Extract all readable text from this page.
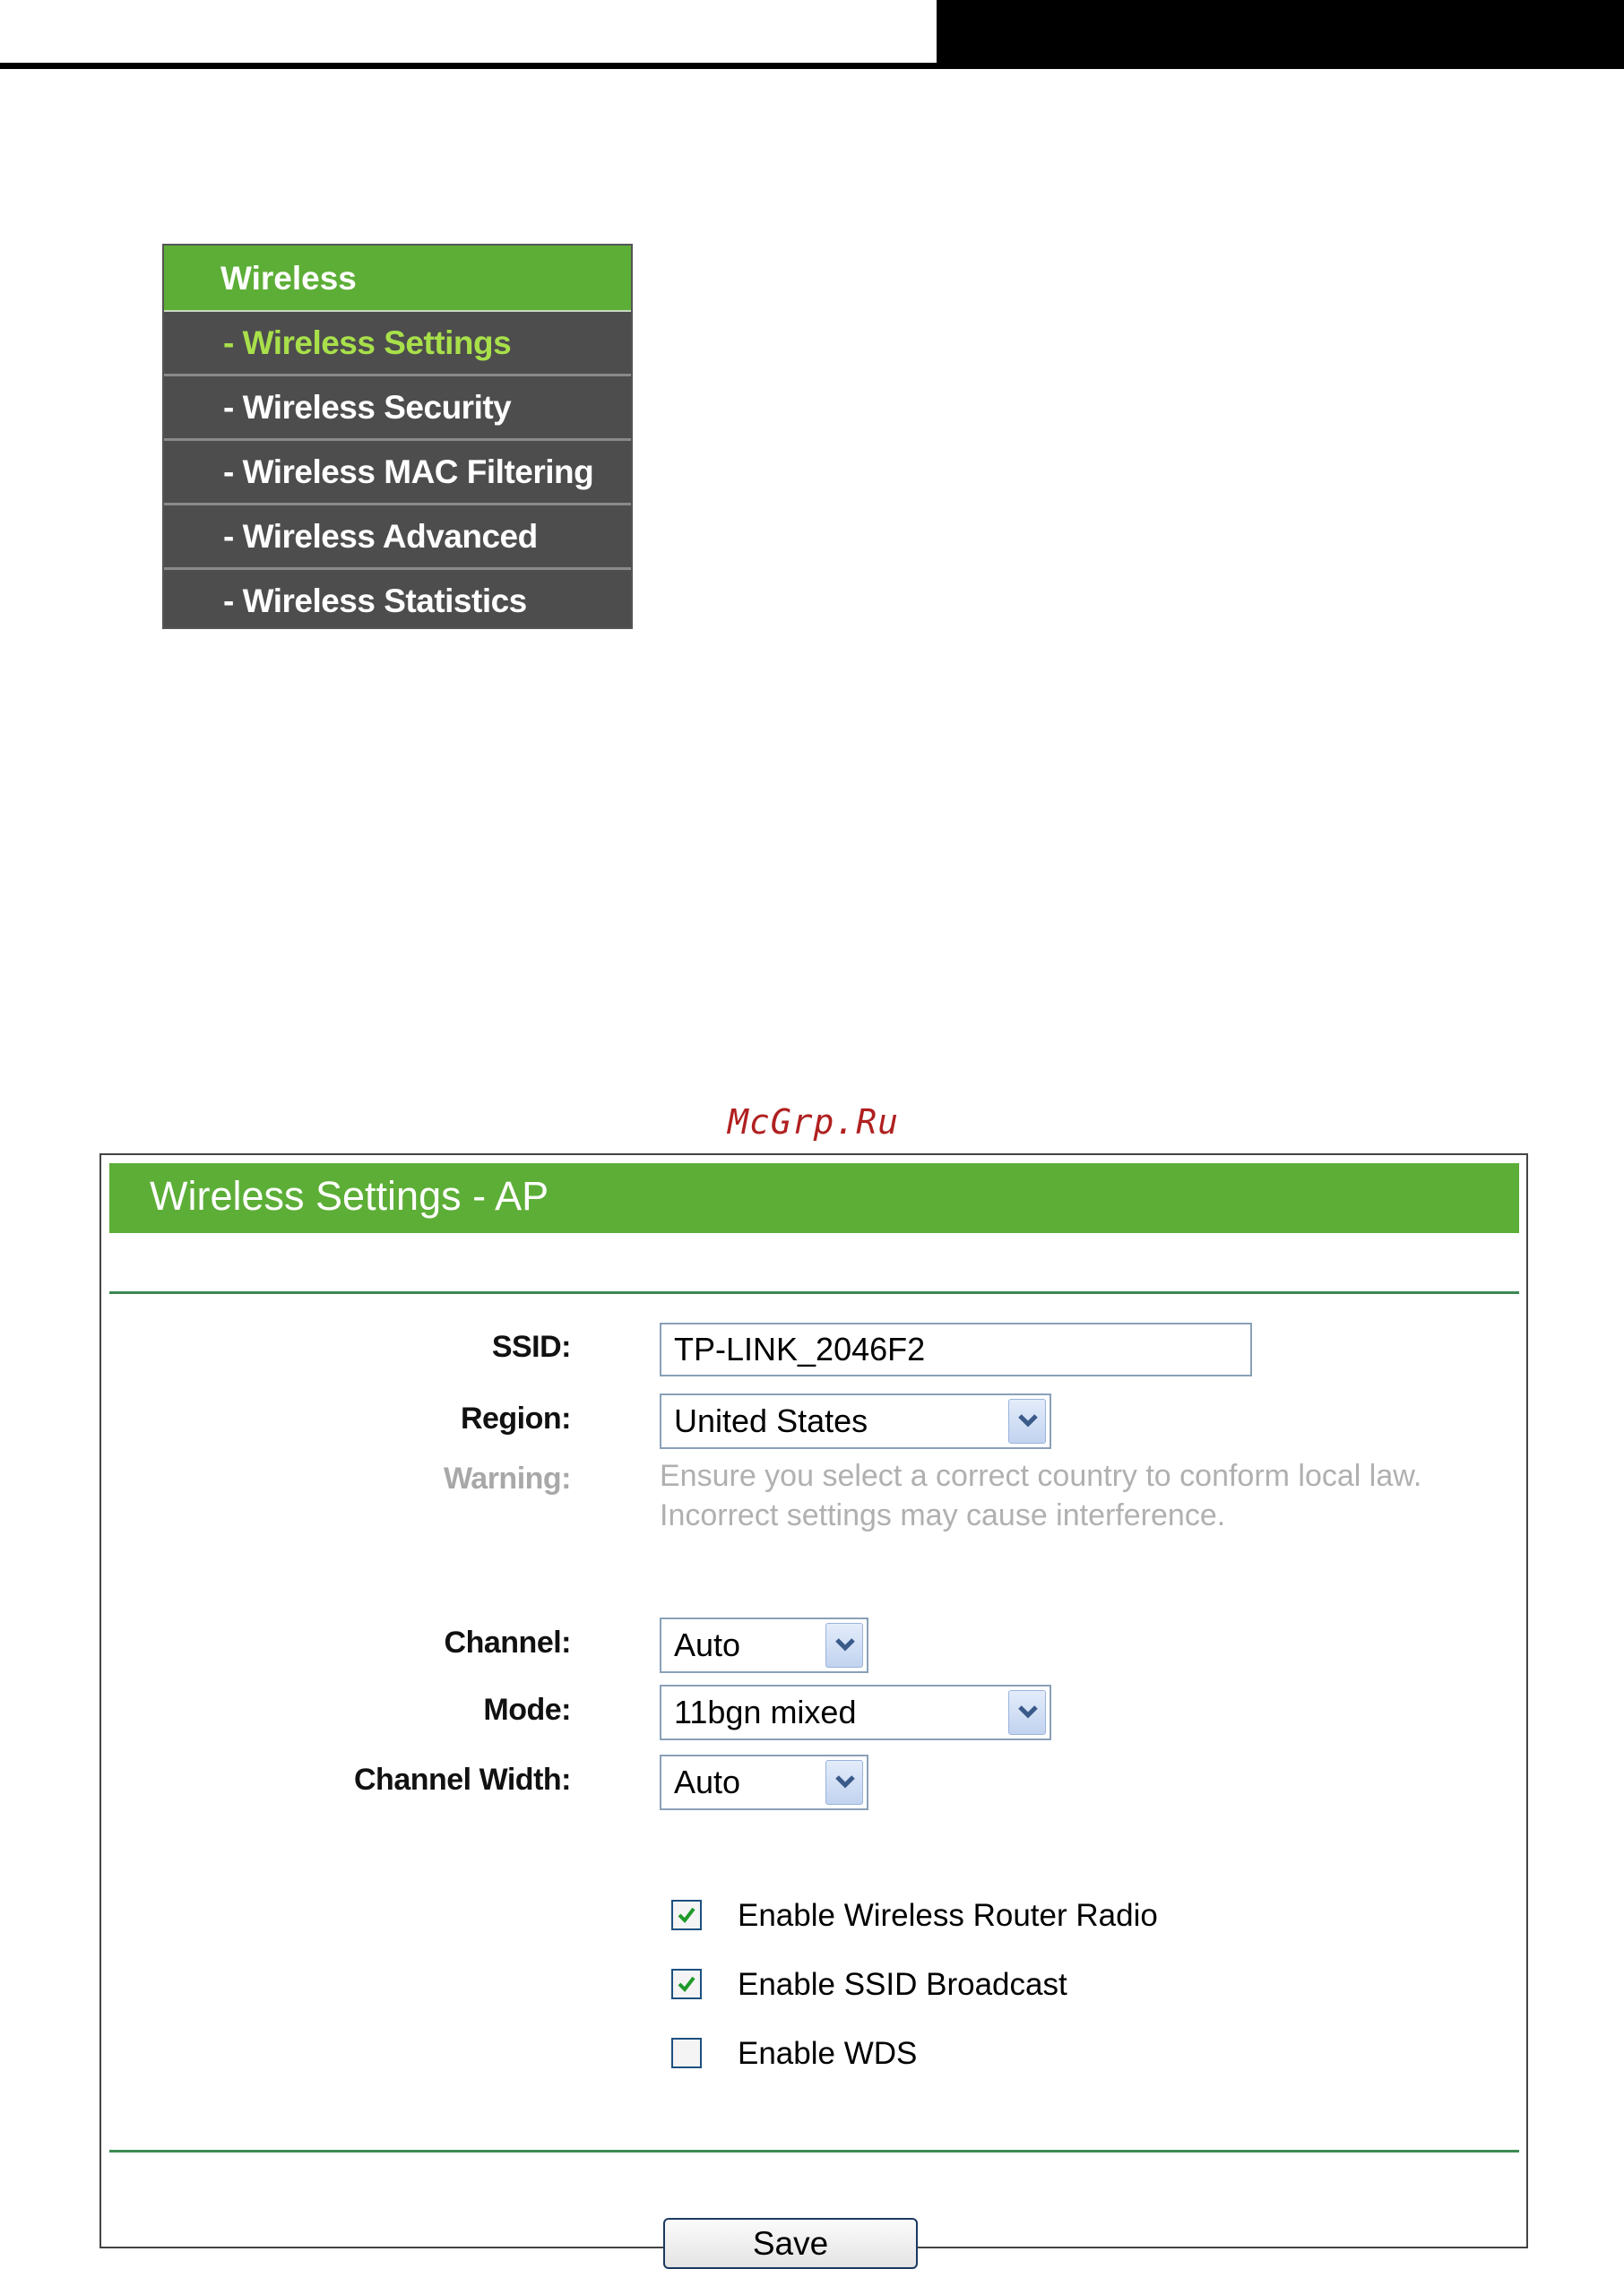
Wireless
- Wireless Settings
- Wireless Security
- Wireless MAC Filtering
- Wireless Advanced
- Wireless Statistics
McGrp.Ru
Wireless Settings - AP
SSID:
TP-LINK_2046F2
Region:	United States
Warning:	Ensure you select a correct country to conform local law.
Incorrect settings may cause interference.
Channel:	Auto
Mode:	11bgn mixed
Channel Width:	Auto
Enable Wireless Router Radio
Enable SSID Broadcast
Enable WDS
Save
